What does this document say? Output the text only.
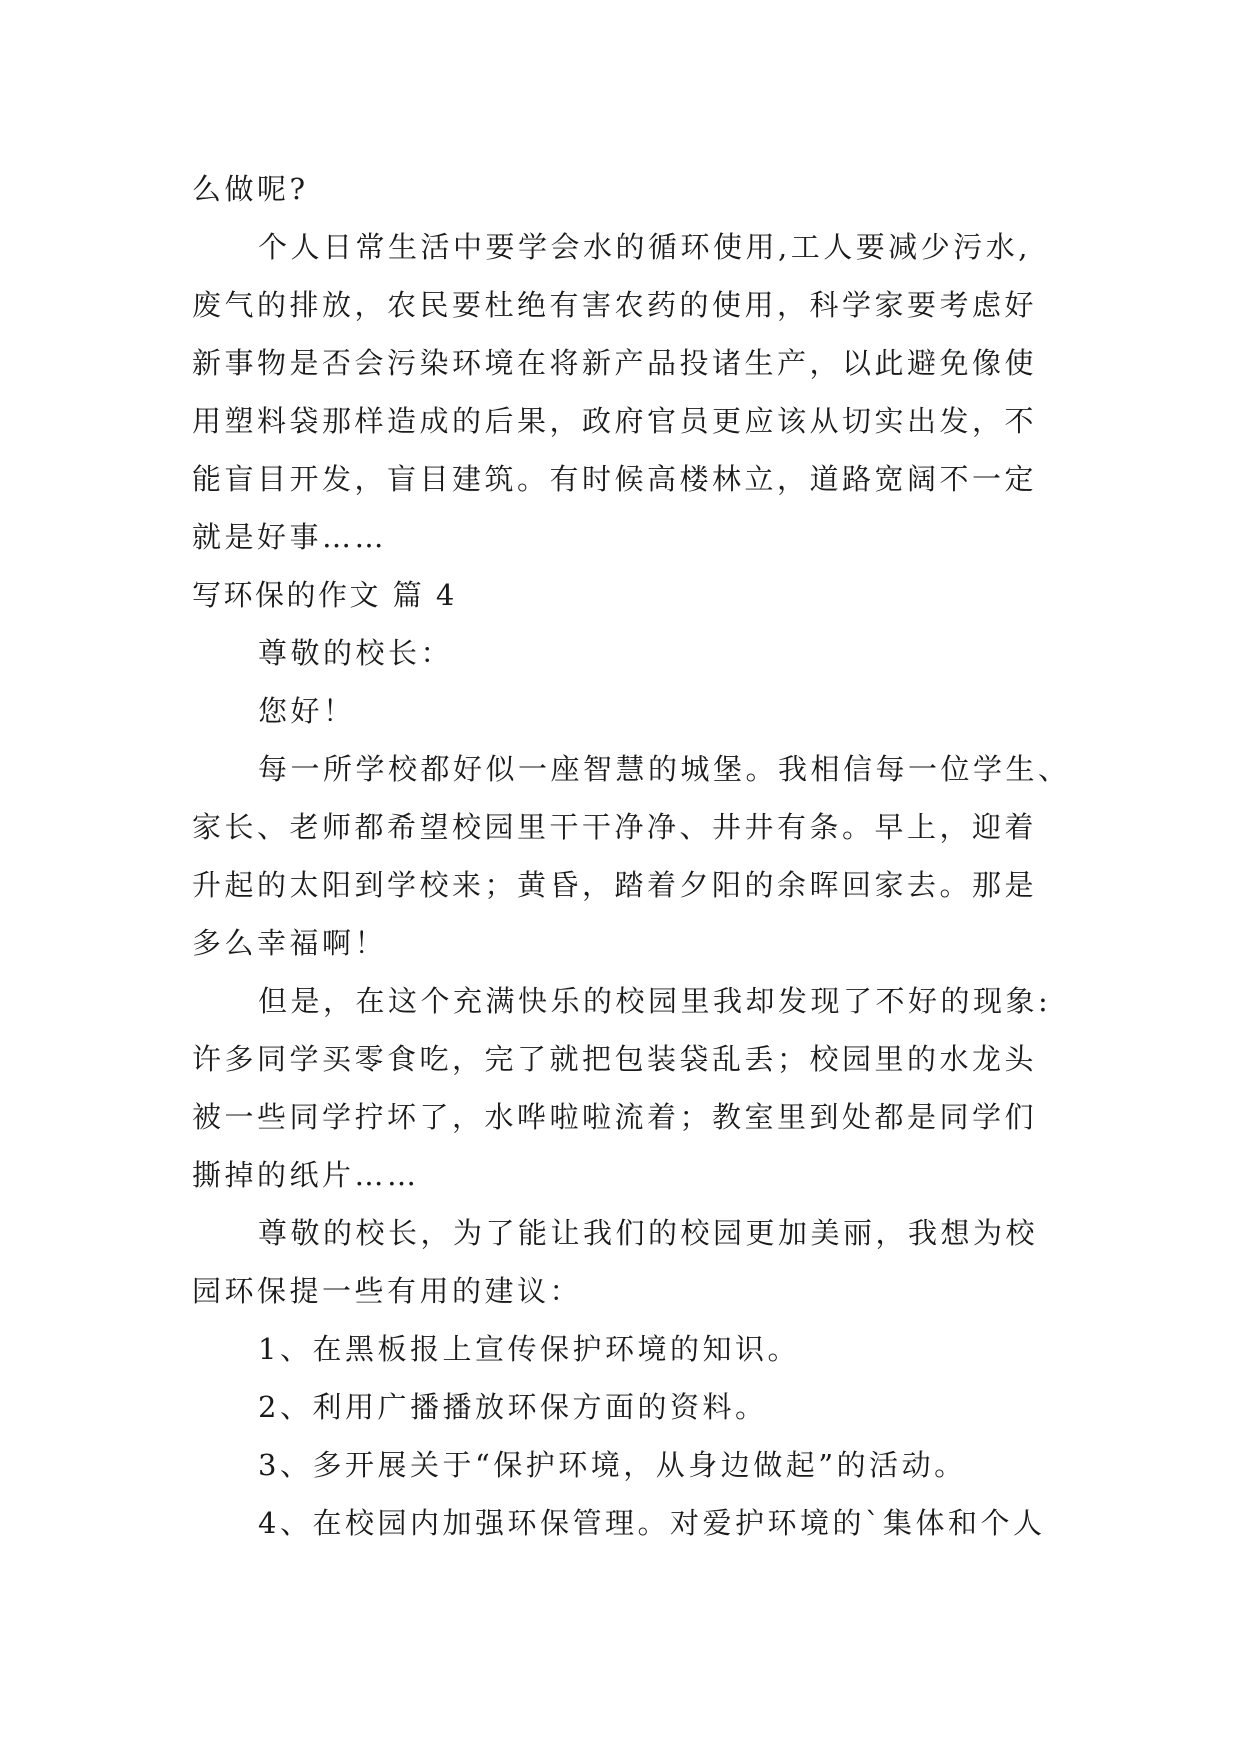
么做呢?
个人日常生活中要学会水的循环使用,工人要减少污水,
废气的排放，农民要杜绝有害农药的使用，科学家要考虑好
新事物是否会污染环境在将新产品投诸生产，以此避免像使
用塑料袋那样造成的后果，政府官员更应该从切实出发，不
能盲目开发，盲目建筑。有时候高楼林立，道路宽阔不一定
就是好事……
写环保的作文 篇 4
尊敬的校长：
您好！
每一所学校都好似一座智慧的城堡。我相信每一位学生、
家长、老师都希望校园里干干净净、井井有条。早上，迎着
升起的太阳到学校来；黄昏，踏着夕阳的余晖回家去。那是
多么幸福啊！
但是，在这个充满快乐的校园里我却发现了不好的现象:
许多同学买零食吃，完了就把包装袋乱丢；校园里的水龙头
被一些同学拧坏了，水哗啦啦流着；教室里到处都是同学们
撕掉的纸片……
尊敬的校长，为了能让我们的校园更加美丽，我想为校
园环保提一些有用的建议：
1、在黑板报上宣传保护环境的知识。
2、利用广播播放环保方面的资料。
3、多开展关于“保护环境，从身边做起”的活动。
4、在校园内加强环保管理。对爱护环境的`集体和个人
